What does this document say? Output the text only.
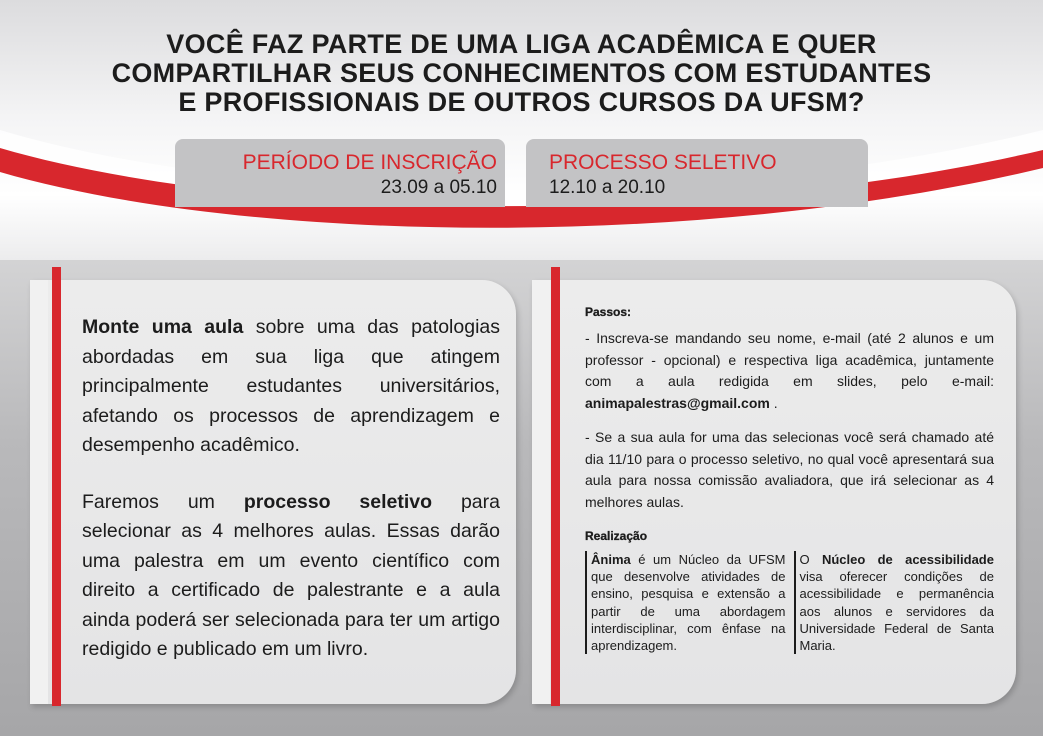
VOCÊ FAZ PARTE DE UMA LIGA ACADÊMICA E QUER
COMPARTILHAR SEUS CONHECIMENTOS COM ESTUDANTES
E PROFISSIONAIS DE OUTROS CURSOS DA UFSM?
PERÍODO DE INSCRIÇÃO
23.09 a 05.10
PROCESSO SELETIVO
12.10 a 20.10

Monte uma aula sobre uma das patologias abordadas em sua liga que atingem principalmente estudantes universitários, afetando os processos de aprendizagem e desempenho acadêmico.

Faremos um processo seletivo para selecionar as 4 melhores aulas. Essas darão uma palestra em um evento científico com direito a certificado de palestrante e a aula ainda poderá ser selecionada para ter um artigo redigido e publicado em um livro.

Passos:

- Inscreva-se mandando seu nome, e-mail (até 2 alunos e um professor - opcional) e respectiva liga acadêmica, juntamente com a aula redigida em slides, pelo e-mail: animapalestras@gmail.com .

- Se a sua aula for uma das selecionas você será chamado até dia 11/10 para o processo seletivo, no qual você apresentará sua aula para nossa comissão avaliadora, que irá selecionar as 4 melhores aulas.

Realização
Ânima é um Núcleo da UFSM que desenvolve atividades de ensino, pesquisa e extensão a partir de uma abordagem interdisciplinar, com ênfase na aprendizagem.
O Núcleo de acessibilidade visa oferecer condições de acessibilidade e permanência aos alunos e servidores da Universidade Federal de Santa Maria.
